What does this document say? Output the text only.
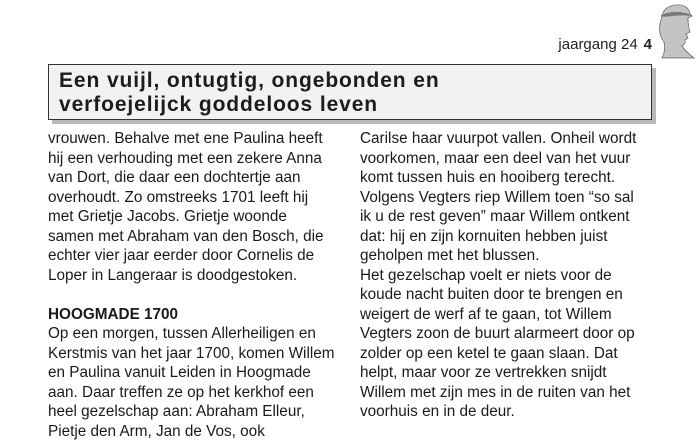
jaargang 24 4
Een vuijl, ontugtig, ongebonden en
verfoejelijck goddeloos leven
vrouwen. Behalve met ene Paulina heeft
hij een verhouding met een zekere Anna
van Dort, die daar een dochtertje aan
overhoudt. Zo omstreeks 1701 leeft hij
met Grietje Jacobs. Grietje woonde
samen met Abraham van den Bosch, die
echter vier jaar eerder door Cornelis de
Loper in Langeraar is doodgestoken.
HOOGMADE 1700
Op een morgen, tussen Allerheiligen en
Kerstmis van het jaar 1700, komen Willem
en Paulina vanuit Leiden in Hoogmade
aan. Daar treffen ze op het kerkhof een
heel gezelschap aan: Abraham Elleur,
Pietje den Arm, Jan de Vos, ook
Carilse haar vuurpot vallen. Onheil wordt
voorkomen, maar een deel van het vuur
komt tussen huis en hooiberg terecht.
Volgens Vegters riep Willem toen “so sal
ik u de rest geven” maar Willem ontkent
dat: hij en zijn kornuiten hebben juist
geholpen met het blussen.
Het gezelschap voelt er niets voor de
koude nacht buiten door te brengen en
weigert de werf af te gaan, tot Willem
Vegters zoon de buurt alarmeert door op
zolder op een ketel te gaan slaan. Dat
helpt, maar voor ze vertrekken snijdt
Willem met zijn mes in de ruiten van het
voorhuis en in de deur.
